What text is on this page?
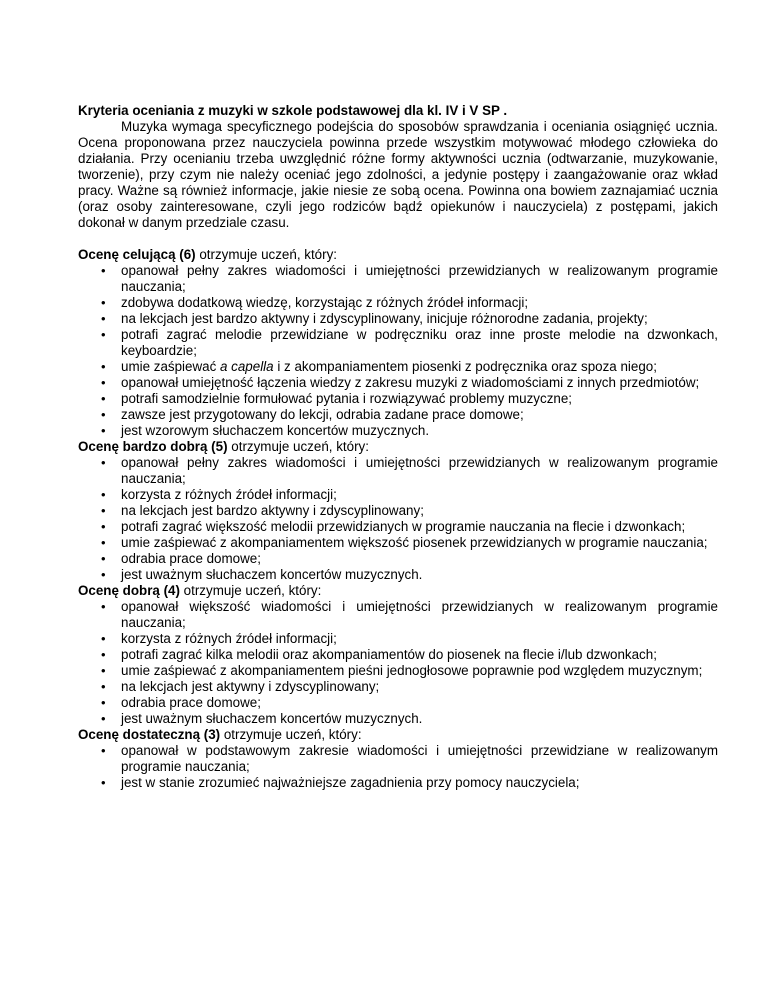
Kryteria oceniania z muzyki w szkole podstawowej dla kl. IV i V SP .

Muzyka wymaga specyficznego podejścia do sposobów sprawdzania i oceniania osiągnięć ucznia. Ocena proponowana przez nauczyciela powinna przede wszystkim motywować młodego człowieka do działania. Przy ocenianiu trzeba uwzględnić różne formy aktywności ucznia (odtwarzanie, muzykowanie, tworzenie), przy czym nie należy oceniać jego zdolności, a jedynie postępy i zaangażowanie oraz wkład pracy. Ważne są również informacje, jakie niesie ze sobą ocena. Powinna ona bowiem zaznajamiać ucznia (oraz osoby zainteresowane, czyli jego rodziców bądź opiekunów i nauczyciela) z postępami, jakich dokonał w danym przedziale czasu.

Ocenę celującą (6) otrzymuje uczeń, który:

• opanował pełny zakres wiadomości i umiejętności przewidzianych w realizowanym programie nauczania;
• zdobywa dodatkową wiedzę, korzystając z różnych źródeł informacji;
• na lekcjach jest bardzo aktywny i zdyscyplinowany, inicjuje różnorodne zadania, projekty;
• potrafi zagrać melodie przewidziane w podręczniku oraz inne proste melodie na dzwonkach, keyboardzie;
• umie zaśpiewać a capella i z akompaniamentem piosenki z podręcznika oraz spoza niego;
• opanował umiejętność łączenia wiedzy z zakresu muzyki z wiadomościami z innych przedmiotów;
• potrafi samodzielnie formułować pytania i rozwiązywać problemy muzyczne;
• zawsze jest przygotowany do lekcji, odrabia zadane prace domowe;
• jest wzorowym słuchaczem koncertów muzycznych.

Ocenę bardzo dobrą (5) otrzymuje uczeń, który:

• opanował pełny zakres wiadomości i umiejętności przewidzianych w realizowanym programie nauczania;
• korzysta z różnych źródeł informacji;
• na lekcjach jest bardzo aktywny i zdyscyplinowany;
• potrafi zagrać większość melodii przewidzianych w programie nauczania na flecie i dzwonkach;
• umie zaśpiewać z akompaniamentem większość piosenek przewidzianych w programie nauczania;
• odrabia prace domowe;
• jest uważnym słuchaczem koncertów muzycznych.

Ocenę dobrą (4) otrzymuje uczeń, który:

• opanował większość wiadomości i umiejętności przewidzianych w realizowanym programie nauczania;
• korzysta z różnych źródeł informacji;
• potrafi zagrać kilka melodii oraz akompaniamentów do piosenek na flecie i/lub dzwonkach;
• umie zaśpiewać z akompaniamentem pieśni jednogłosowe poprawnie pod względem muzycznym;
• na lekcjach jest aktywny i zdyscyplinowany;
• odrabia prace domowe;
• jest uważnym słuchaczem koncertów muzycznych.

Ocenę dostateczną (3) otrzymuje uczeń, który:

• opanował w podstawowym zakresie wiadomości i umiejętności przewidziane w realizowanym programie nauczania;
• jest w stanie zrozumieć najważniejsze zagadnienia przy pomocy nauczyciela;
